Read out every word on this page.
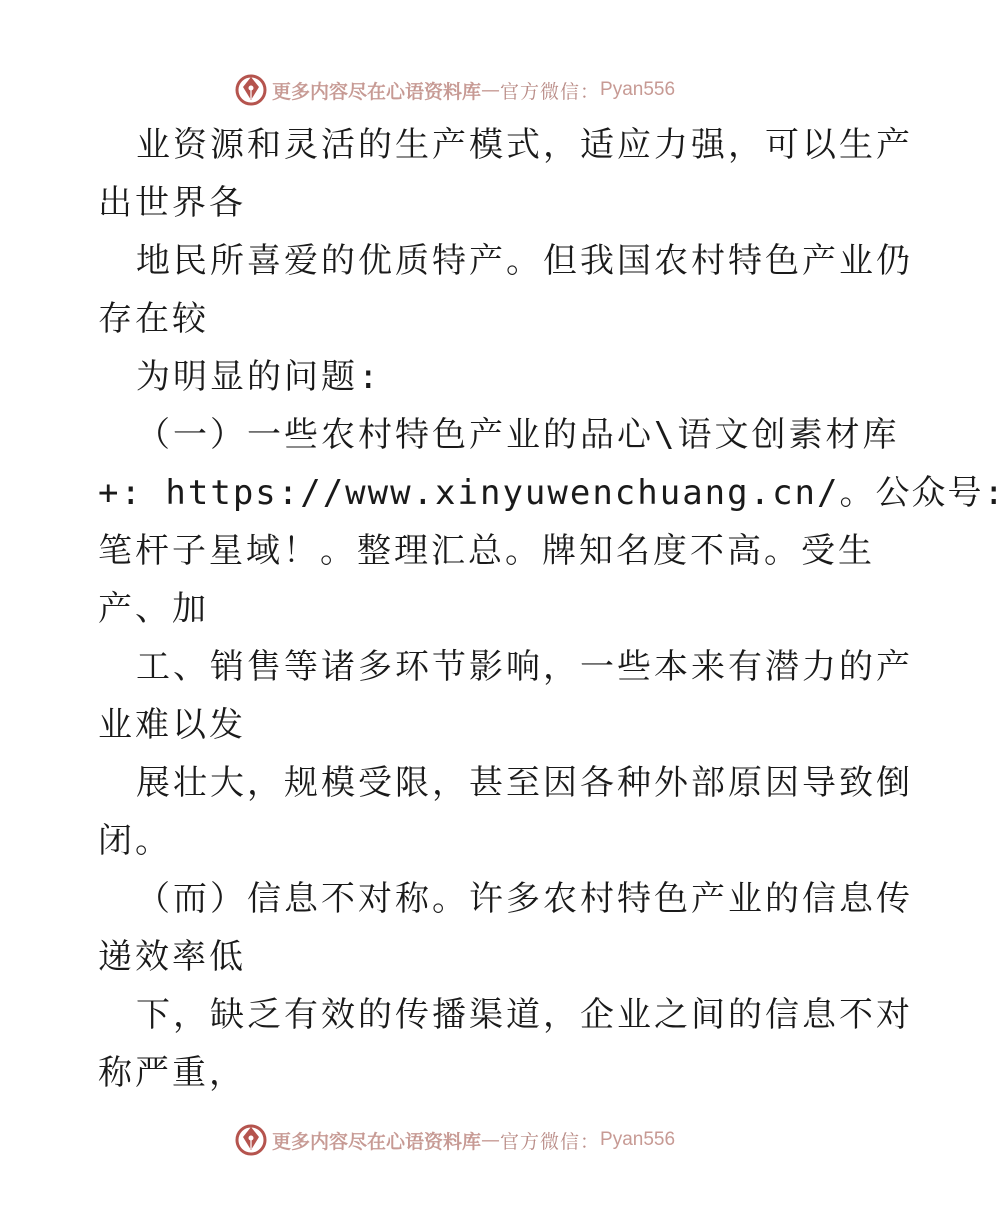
更多内容尽在心语资料库 — 官方微信： Pyan556
业资源和灵活的生产模式，适应力强，可以生产
出世界各
地民所喜爱的优质特产。但我国农村特色产业仍
存在较
为明显的问题:
（一）一些农村特色产业的品心\语文创素材库
+: https://www.xinyuwenchuang.cn/。公众号:
笔杆子星域！。整理汇总。牌知名度不高。受生
产、加
工、销售等诸多环节影响，一些本来有潜力的产
业难以发
展壮大，规模受限，甚至因各种外部原因导致倒
闭。
（而）信息不对称。许多农村特色产业的信息传
递效率低
下，缺乏有效的传播渠道，企业之间的信息不对
称严重，
更多内容尽在心语资料库 — 官方微信： Pyan556
